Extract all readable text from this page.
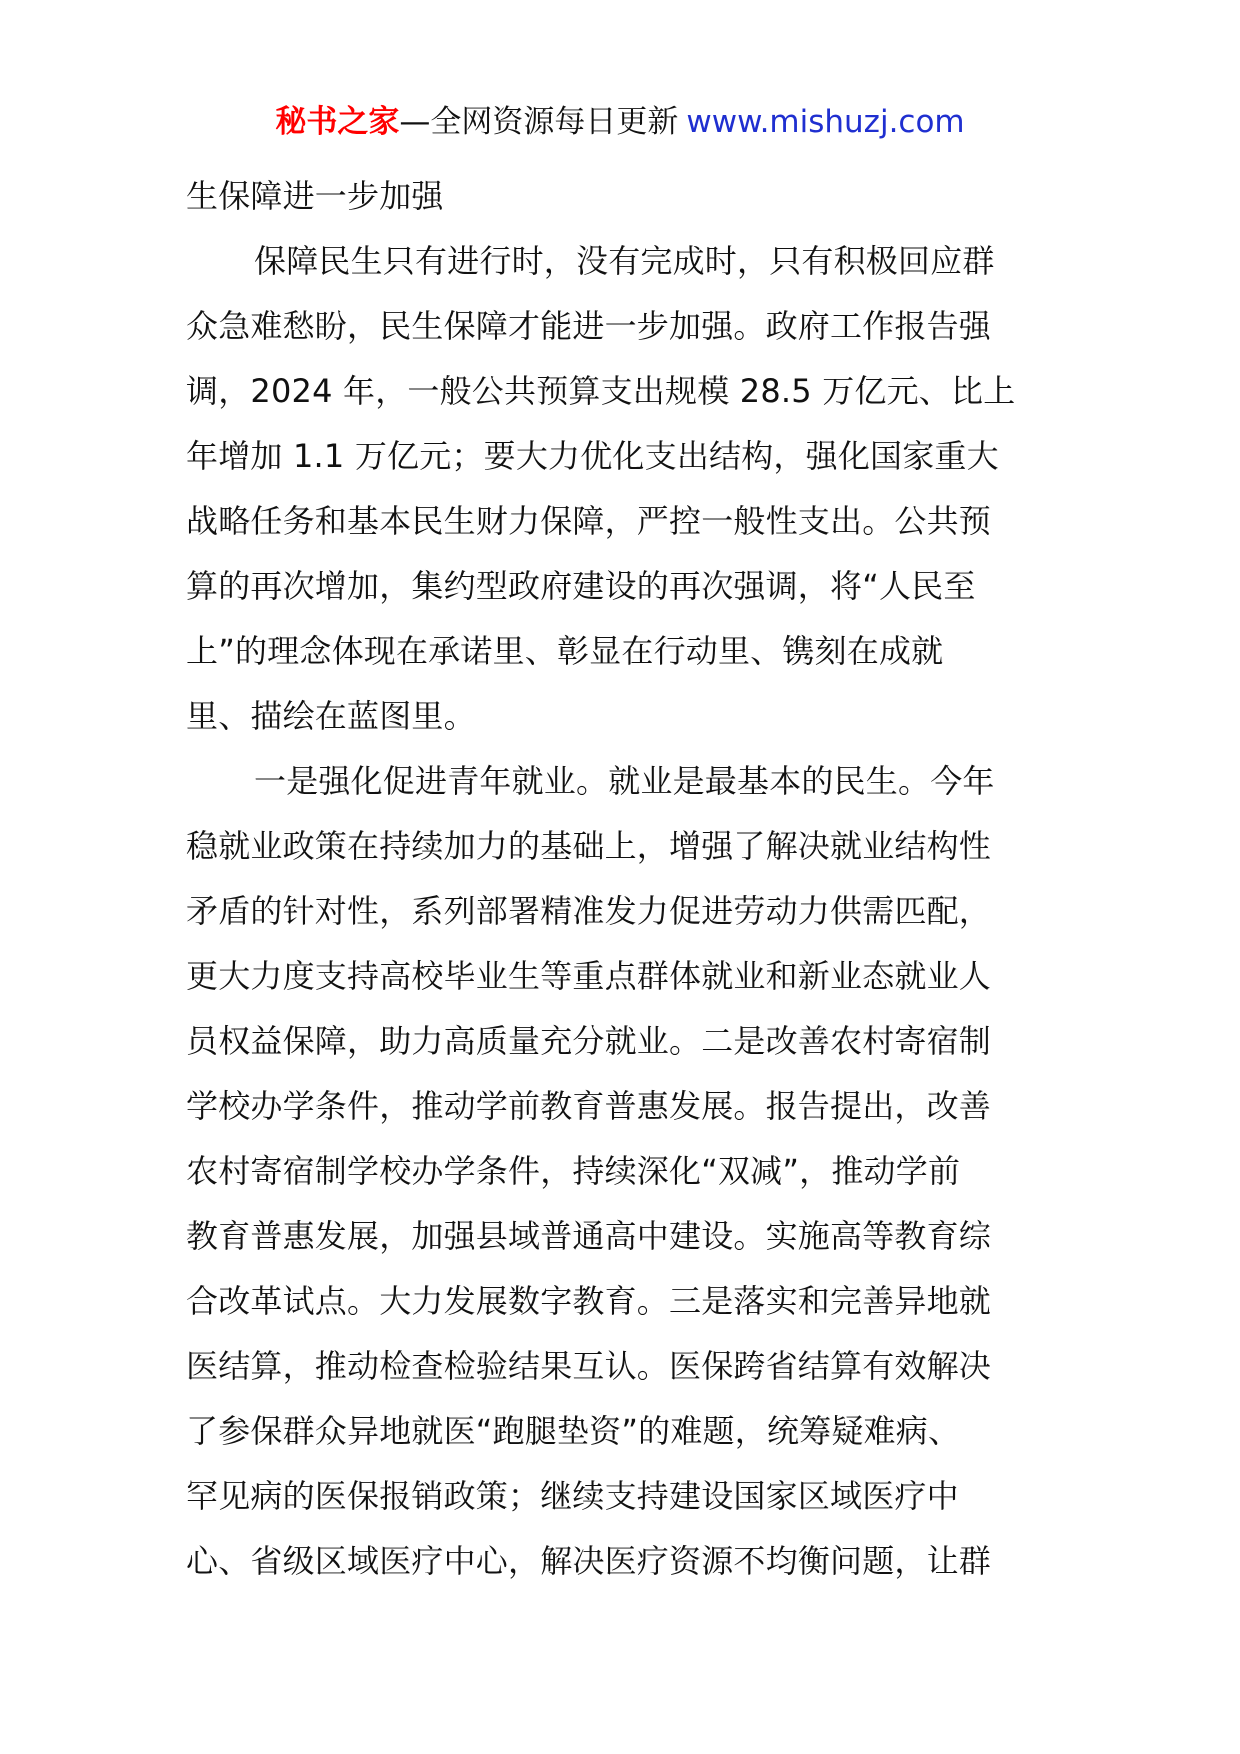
秘书之家—全网资源每日更新 www.mishuzj.com
生保障进一步加强
保障民生只有进行时，没有完成时，只有积极回应群
众急难愁盼，民生保障才能进一步加强。政府工作报告强
调，2024 年，一般公共预算支出规模 28.5 万亿元、比上
年增加 1.1 万亿元；要大力优化支出结构，强化国家重大
战略任务和基本民生财力保障，严控一般性支出。公共预
算的再次增加，集约型政府建设的再次强调，将“人民至
上”的理念体现在承诺里、彰显在行动里、镌刻在成就
里、描绘在蓝图里。
一是强化促进青年就业。就业是最基本的民生。今年
稳就业政策在持续加力的基础上，增强了解决就业结构性
矛盾的针对性，系列部署精准发力促进劳动力供需匹配，
更大力度支持高校毕业生等重点群体就业和新业态就业人
员权益保障，助力高质量充分就业。二是改善农村寄宿制
学校办学条件，推动学前教育普惠发展。报告提出，改善
农村寄宿制学校办学条件，持续深化“双减”，推动学前
教育普惠发展，加强县域普通高中建设。实施高等教育综
合改革试点。大力发展数字教育。三是落实和完善异地就
医结算，推动检查检验结果互认。医保跨省结算有效解决
了参保群众异地就医“跑腿垫资”的难题，统筹疑难病、
罕见病的医保报销政策；继续支持建设国家区域医疗中
心、省级区域医疗中心，解决医疗资源不均衡问题，让群
